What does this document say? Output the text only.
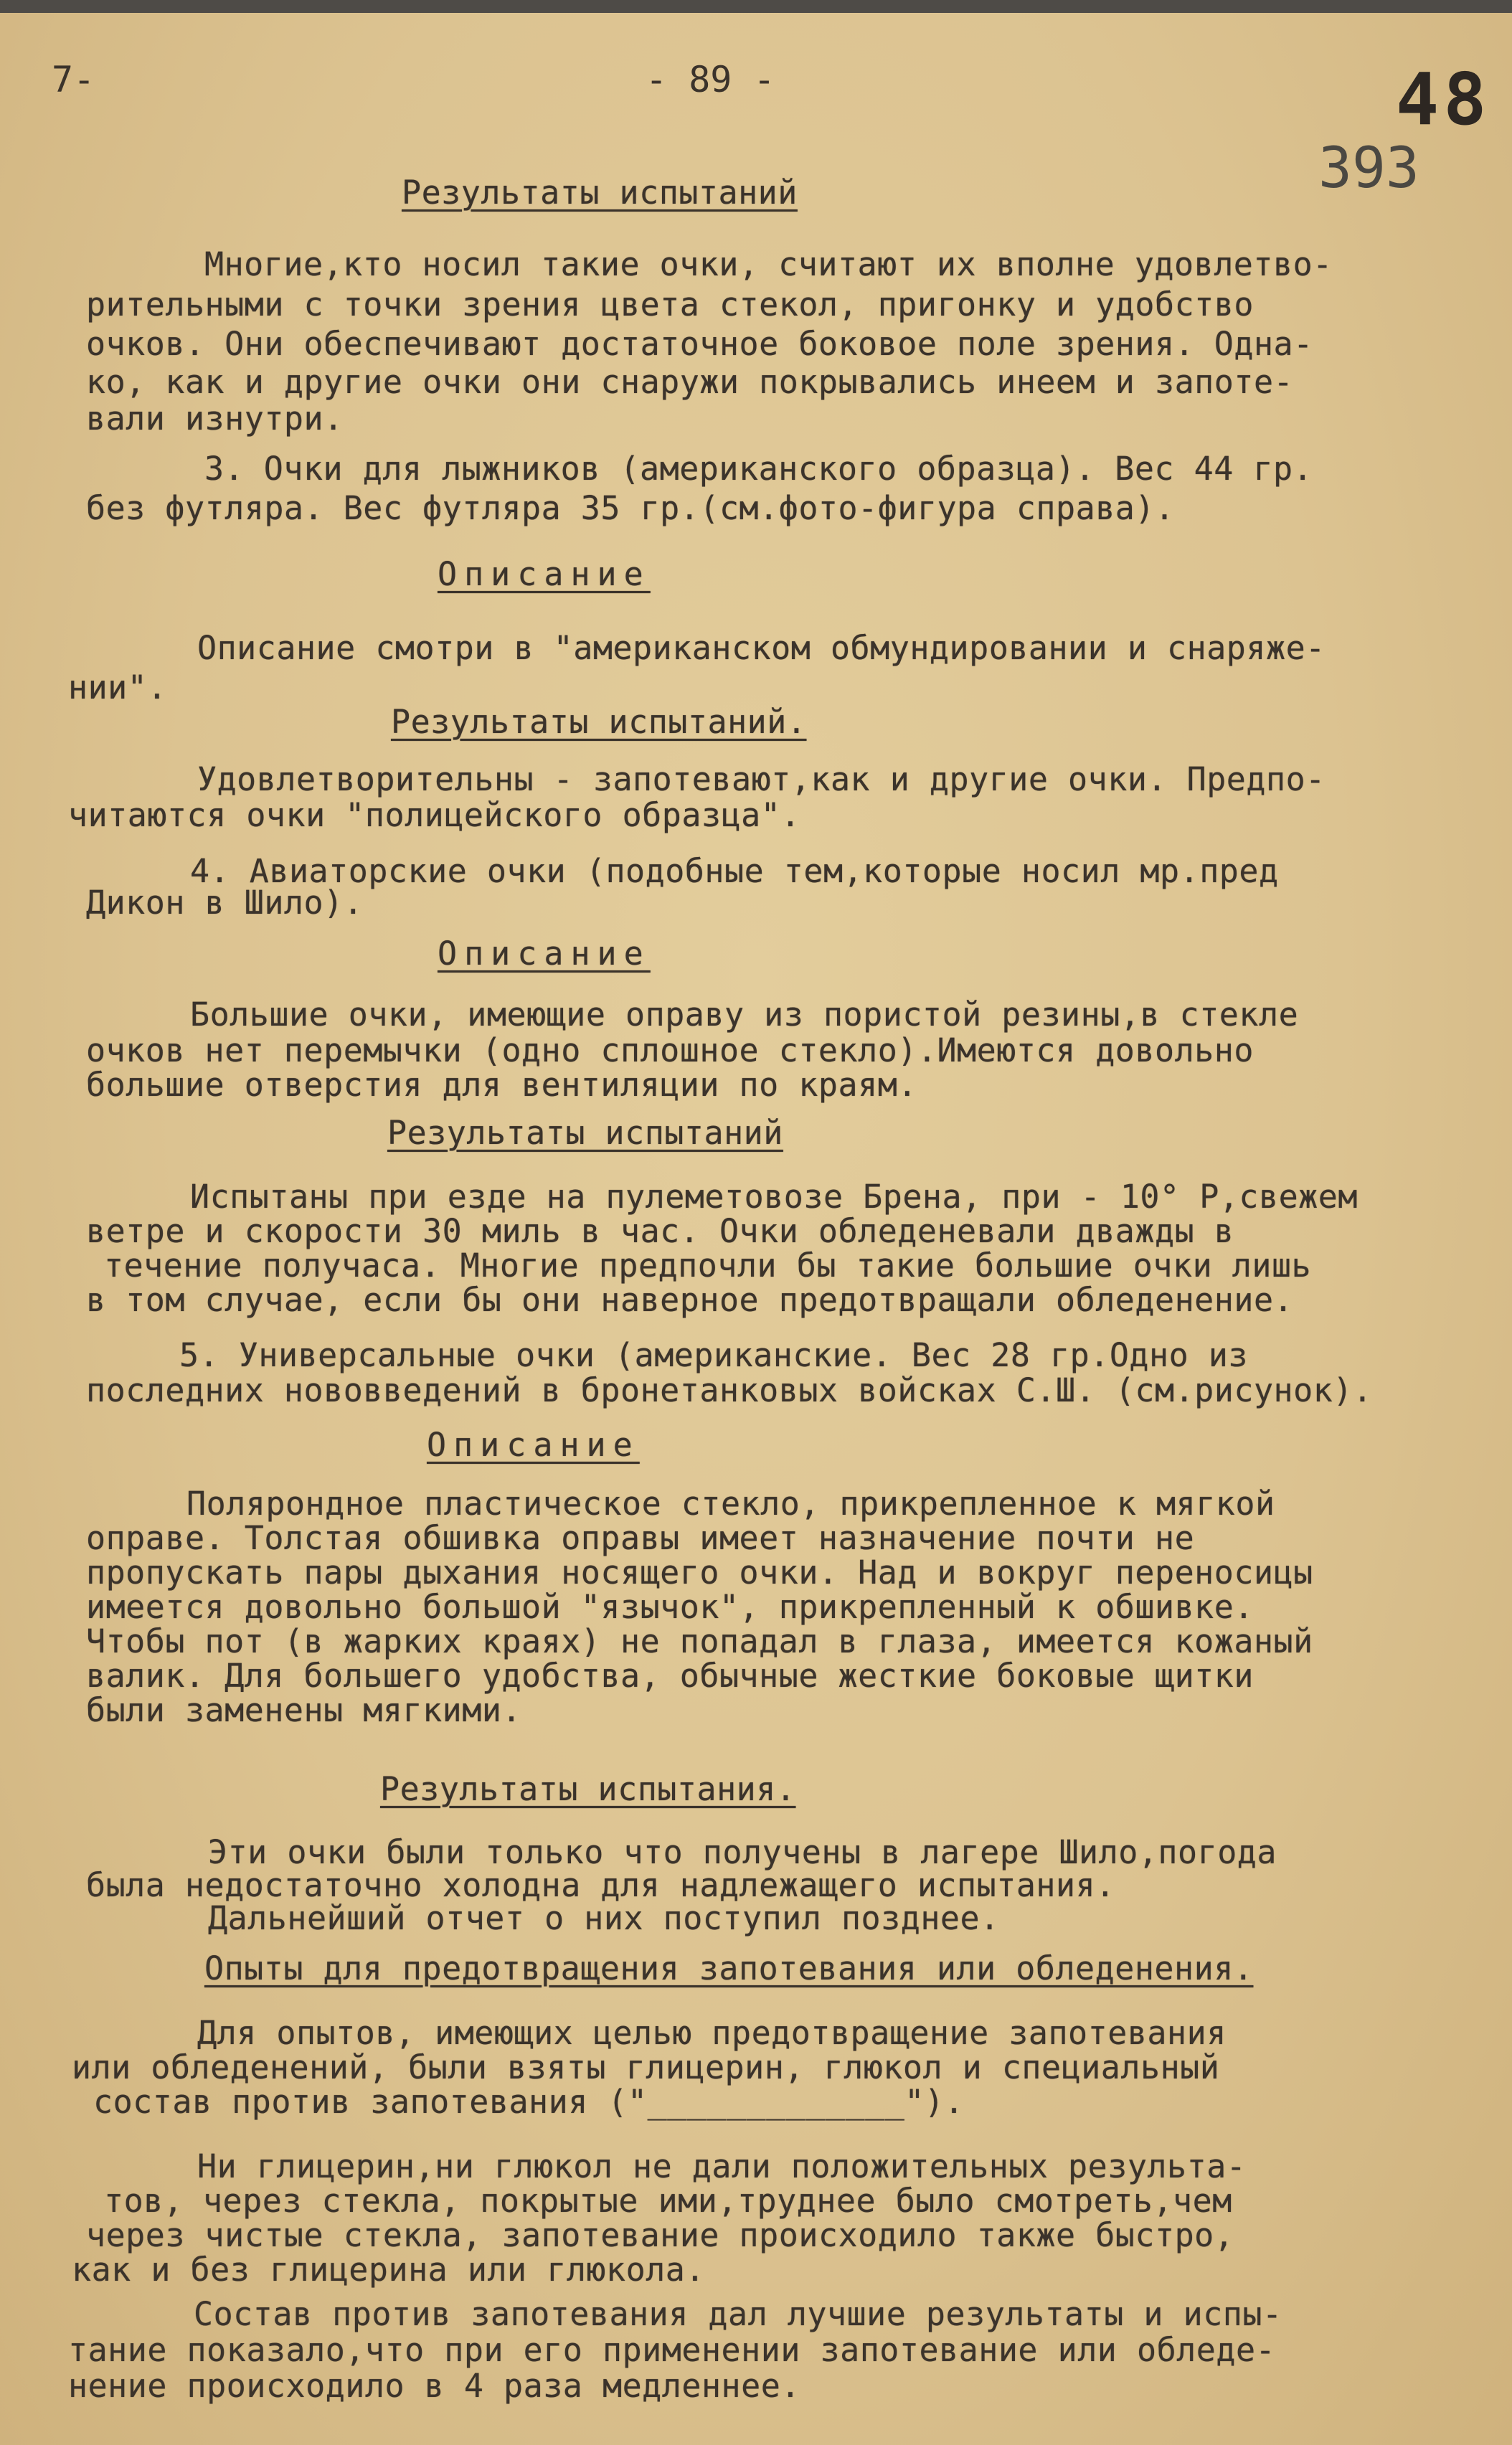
7-	- 89 -	48
393
Результаты испытаний
Многие,кто носил такие очки, считают их вполне удовлетво-
рительными с точки зрения цвета стекол, пригонку и удобство
очков. Они обеспечивают достаточное боковое поле зрения. Одна-
ко, как и другие очки они снаружи покрывались инеем и запоте-
вали изнутри.
3. Очки для лыжников (американского образца). Вес 44 гр.
без футляра. Вес футляра 35 гр.(см.фото-фигура справа).
Описание
Описание смотри в "американском обмундировании и снаряже-
нии".
Результаты испытаний.
Удовлетворительны - запотевают,как и другие очки. Предпо-
читаются очки "полицейского образца".
4. Авиаторские очки (подобные тем,которые носил мр.пред
Дикон в Шило).
Описание
Большие очки, имеющие оправу из пористой резины,в стекле
очков нет перемычки (одно сплошное стекло).Имеются довольно
большие отверстия для вентиляции по краям.
Результаты испытаний
Испытаны при езде на пулеметовозе Брена, при - 10° Р,свежем
ветре и скорости 30 миль в час. Очки обледеневали дважды в
течение получаса. Многие предпочли бы такие большие очки лишь
в том случае, если бы они наверное предотвращали обледенение.
5. Универсальные очки (американские. Вес 28 гр.Одно из
последних нововведений в бронетанковых войсках С.Ш. (см.рисунок).
Описание
Полярондное пластическое стекло, прикрепленное к мягкой
оправе. Толстая обшивка оправы имеет назначение почти не
пропускать пары дыхания носящего очки. Над и вокруг переносицы
имеется довольно большой "язычок", прикрепленный к обшивке.
Чтобы пот (в жарких краях) не попадал в глаза, имеется кожаный
валик. Для большего удобства, обычные жесткие боковые щитки
были заменены мягкими.
Результаты испытания.
Эти очки были только что получены в лагере Шило,погода
была недостаточно холодна для надлежащего испытания.
Дальнейший отчет о них поступил позднее.
Опыты для предотвращения запотевания или обледенения.
Для опытов, имеющих целью предотвращение запотевания
или обледенений, были взяты глицерин, глюкол и специальный
состав против запотевания ("_____________").
Ни глицерин,ни глюкол не дали положительных результа-
тов, через стекла, покрытые ими,труднее было смотреть,чем
через чистые стекла, запотевание происходило также быстро,
как и без глицерина или глюкола.
Состав против запотевания дал лучшие результаты и испы-
тание показало,что при его применении запотевание или обледе-
нение происходило в 4 раза медленнее.
